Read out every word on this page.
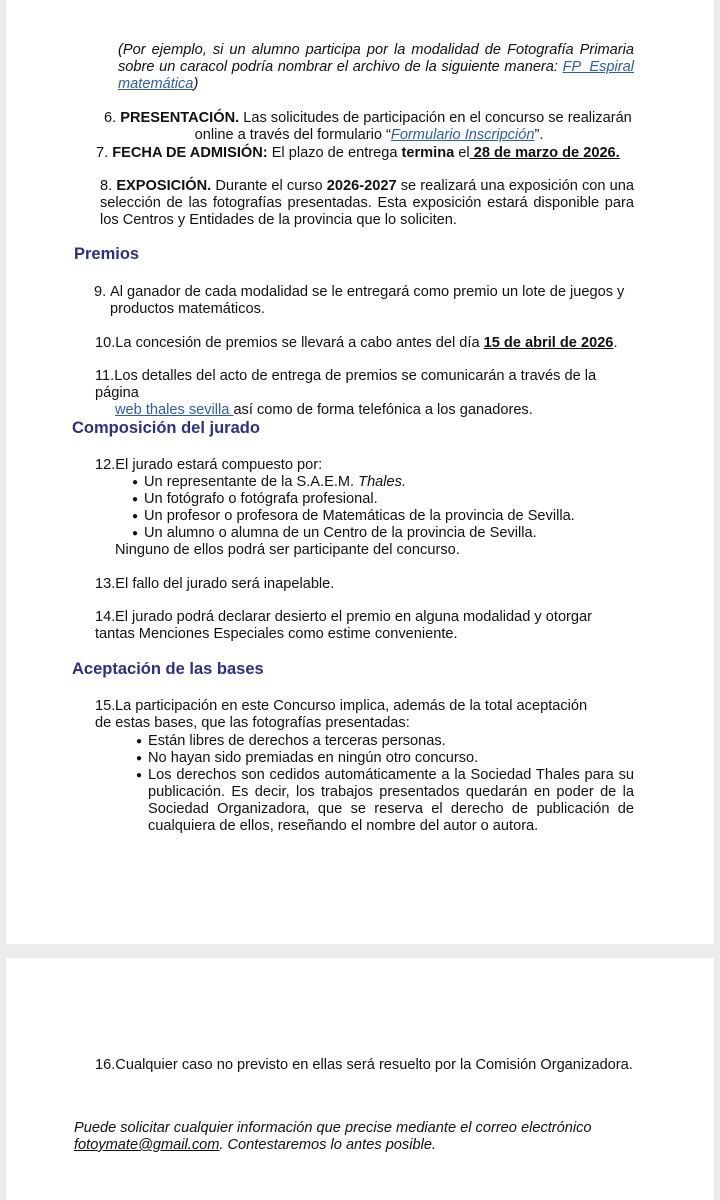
(Por ejemplo, si un alumno participa por la modalidad de Fotografía Primaria sobre un caracol podría nombrar el archivo de la siguiente manera: FP_Espiral matemática)
6. PRESENTACIÓN. Las solicitudes de participación en el concurso se realizarán
online a través del formulario “Formulario Inscripción”.
7. FECHA DE ADMISIÓN: El plazo de entrega termina el 28 de marzo de 2026.
8. EXPOSICIÓN. Durante el curso 2026-2027 se realizará una exposición con una selección de las fotografías presentadas. Esta exposición estará disponible para los Centros y Entidades de la provincia que lo soliciten.
Premios
9. Al ganador de cada modalidad se le entregará como premio un lote de juegos y productos matemáticos.
10.La concesión de premios se llevará a cabo antes del día 15 de abril de 2026.
11.Los detalles del acto de entrega de premios se comunicarán a través de la página
web thales sevilla así como de forma telefónica a los ganadores.
Composición del jurado
12.El jurado estará compuesto por:
● Un representante de la S.A.E.M. Thales.
● Un fotógrafo o fotógrafa profesional.
● Un profesor o profesora de Matemáticas de la provincia de Sevilla.
● Un alumno o alumna de un Centro de la provincia de Sevilla.
Ninguno de ellos podrá ser participante del concurso.
13.El fallo del jurado será inapelable.
14. El jurado podrá declarar desierto el premio en alguna modalidad y otorgar tantas Menciones Especiales como estime conveniente.
Aceptación de las bases
15. La participación en este Concurso implica, además de la total aceptación de estas bases, que las fotografías presentadas:
● Están libres de derechos a terceras personas.
● No hayan sido premiadas en ningún otro concurso.
● Los derechos son cedidos automáticamente a la Sociedad Thales para su publicación. Es decir, los trabajos presentados quedarán en poder de la Sociedad Organizadora, que se reserva el derecho de publicación de cualquiera de ellos, reseñando el nombre del autor o autora.
16.Cualquier caso no previsto en ellas será resuelto por la Comisión Organizadora.
Puede solicitar cualquier información que precise mediante el correo electrónico fotoymate@gmail.com. Contestaremos lo antes posible.
